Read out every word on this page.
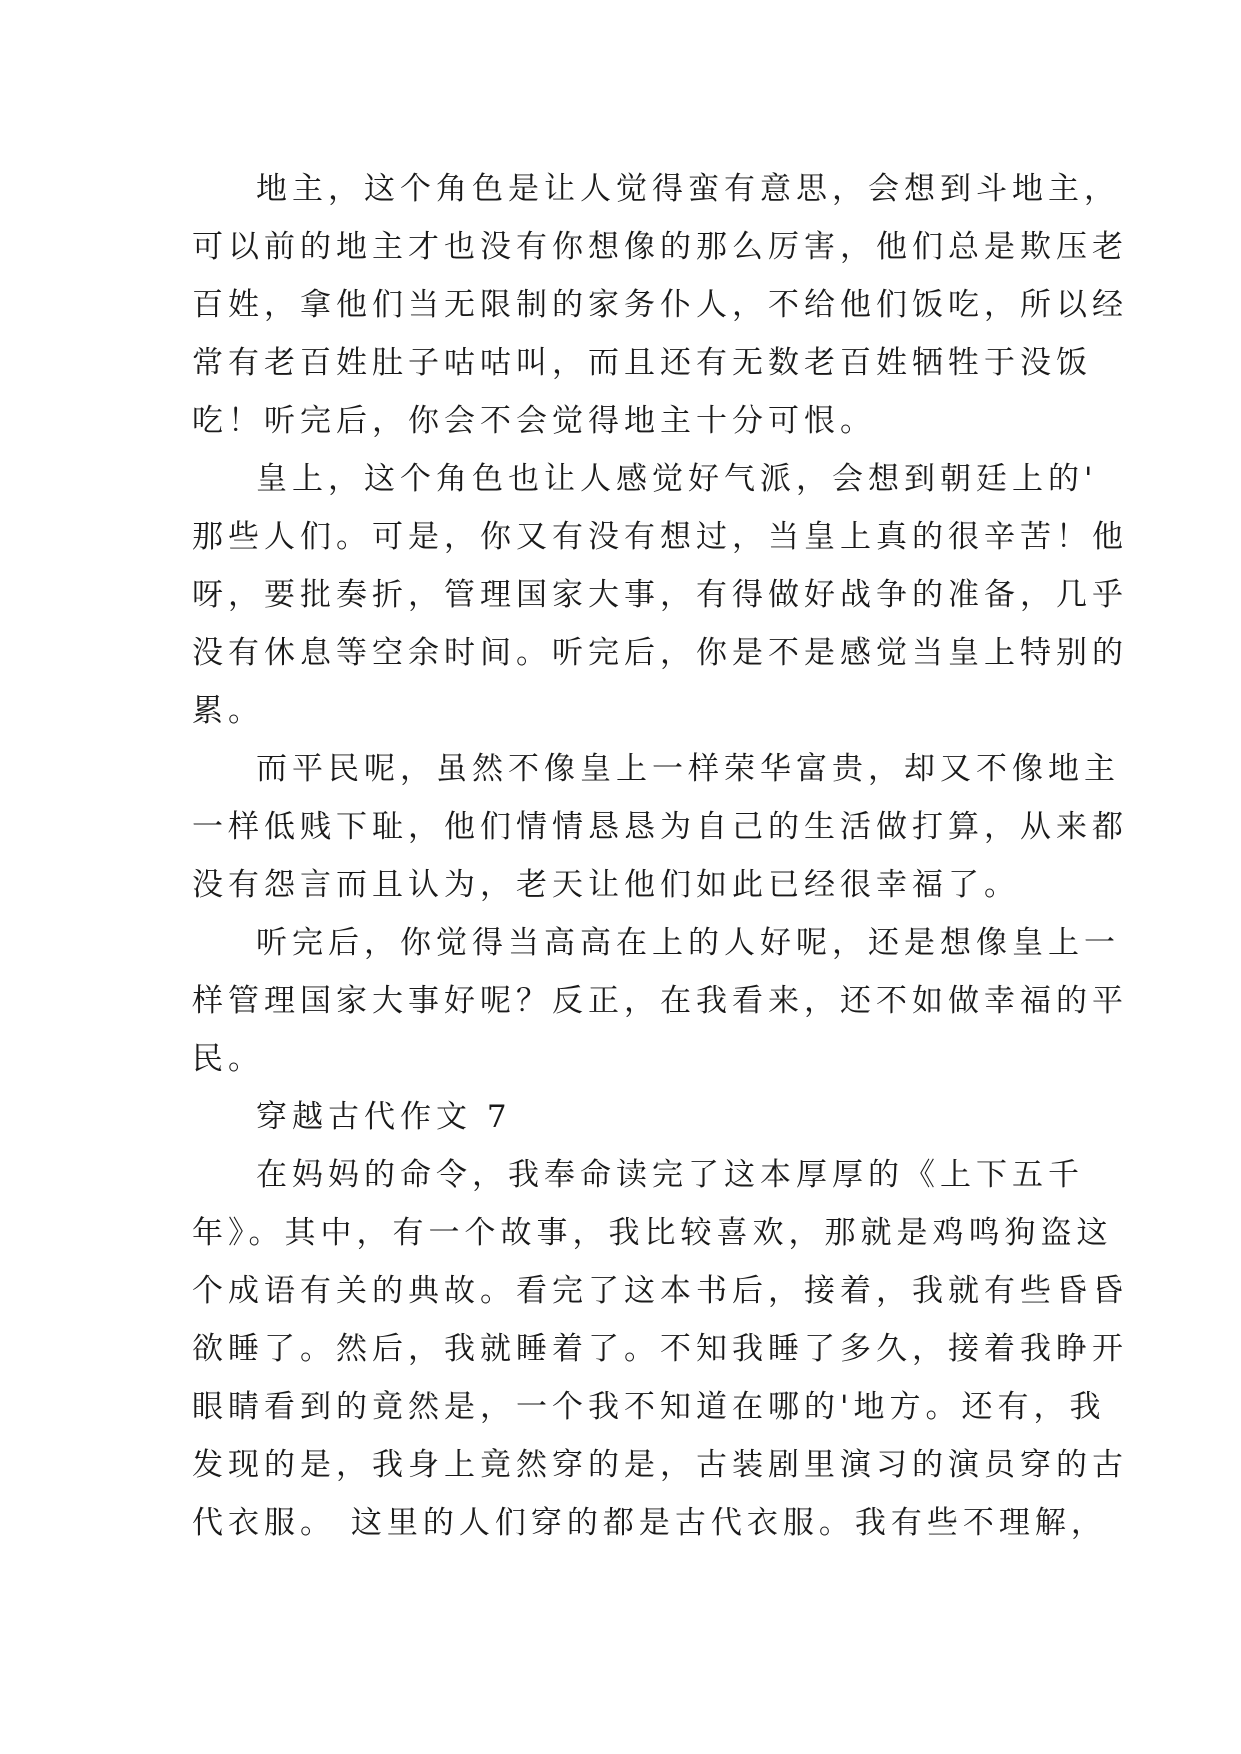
地主，这个角色是让人觉得蛮有意思，会想到斗地主，
可以前的地主才也没有你想像的那么厉害，他们总是欺压老
百姓，拿他们当无限制的家务仆人，不给他们饭吃，所以经
常有老百姓肚子咕咕叫，而且还有无数老百姓牺牲于没饭
吃！听完后，你会不会觉得地主十分可恨。
皇上，这个角色也让人感觉好气派，会想到朝廷上的'
那些人们。可是，你又有没有想过，当皇上真的很辛苦！他
呀，要批奏折，管理国家大事，有得做好战争的准备，几乎
没有休息等空余时间。听完后，你是不是感觉当皇上特别的
累。
而平民呢，虽然不像皇上一样荣华富贵，却又不像地主
一样低贱下耻，他们情情恳恳为自己的生活做打算，从来都
没有怨言而且认为，老天让他们如此已经很幸福了。
听完后，你觉得当高高在上的人好呢，还是想像皇上一
样管理国家大事好呢？反正，在我看来，还不如做幸福的平
民。
穿越古代作文 7
在妈妈的命令，我奉命读完了这本厚厚的《上下五千
年》。其中，有一个故事，我比较喜欢，那就是鸡鸣狗盗这
个成语有关的典故。看完了这本书后，接着，我就有些昏昏
欲睡了。然后，我就睡着了。不知我睡了多久，接着我睁开
眼睛看到的竟然是，一个我不知道在哪的'地方。还有，我
发现的是，我身上竟然穿的是，古装剧里演习的演员穿的古
代衣服。 这里的人们穿的都是古代衣服。我有些不理解，
